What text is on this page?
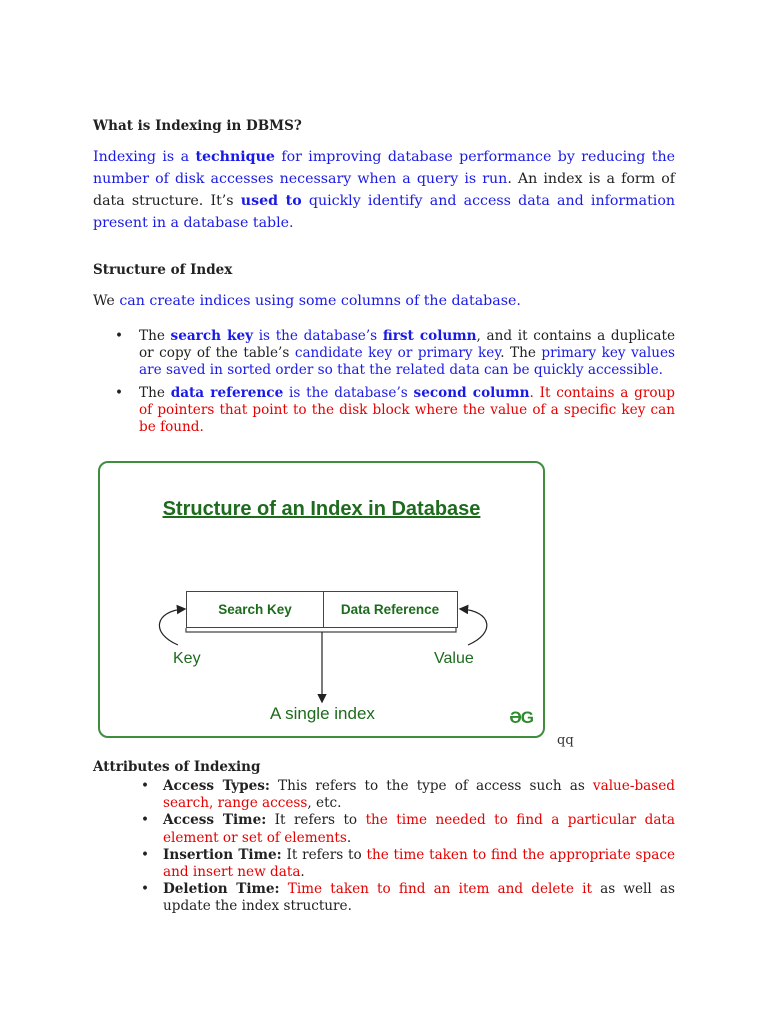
What is Indexing in DBMS?

Indexing is a technique for improving database performance by reducing the number of disk accesses necessary when a query is run. An index is a form of data structure. It’s used to quickly identify and access data and information present in a database table.

Structure of Index

We can create indices using some columns of the database.

• The search key is the database’s first column, and it contains a duplicate or copy of the table’s candidate key or primary key. The primary key values are saved in sorted order so that the related data can be quickly accessible.
• The data reference is the database’s second column. It contains a group of pointers that point to the disk block where the value of a specific key can be found.
Attributes of Indexing
• Access Types: This refers to the type of access such as value-based search, range access, etc.
• Access Time: It refers to the time needed to find a particular data element or set of elements.
• Insertion Time: It refers to the time taken to find the appropriate space and insert new data.
• Deletion Time: Time taken to find an item and delete it as well as update the index structure.
Structure of an Index in Database
Search Key	Data Reference
Key	Value
A single index	ƏG
qq
